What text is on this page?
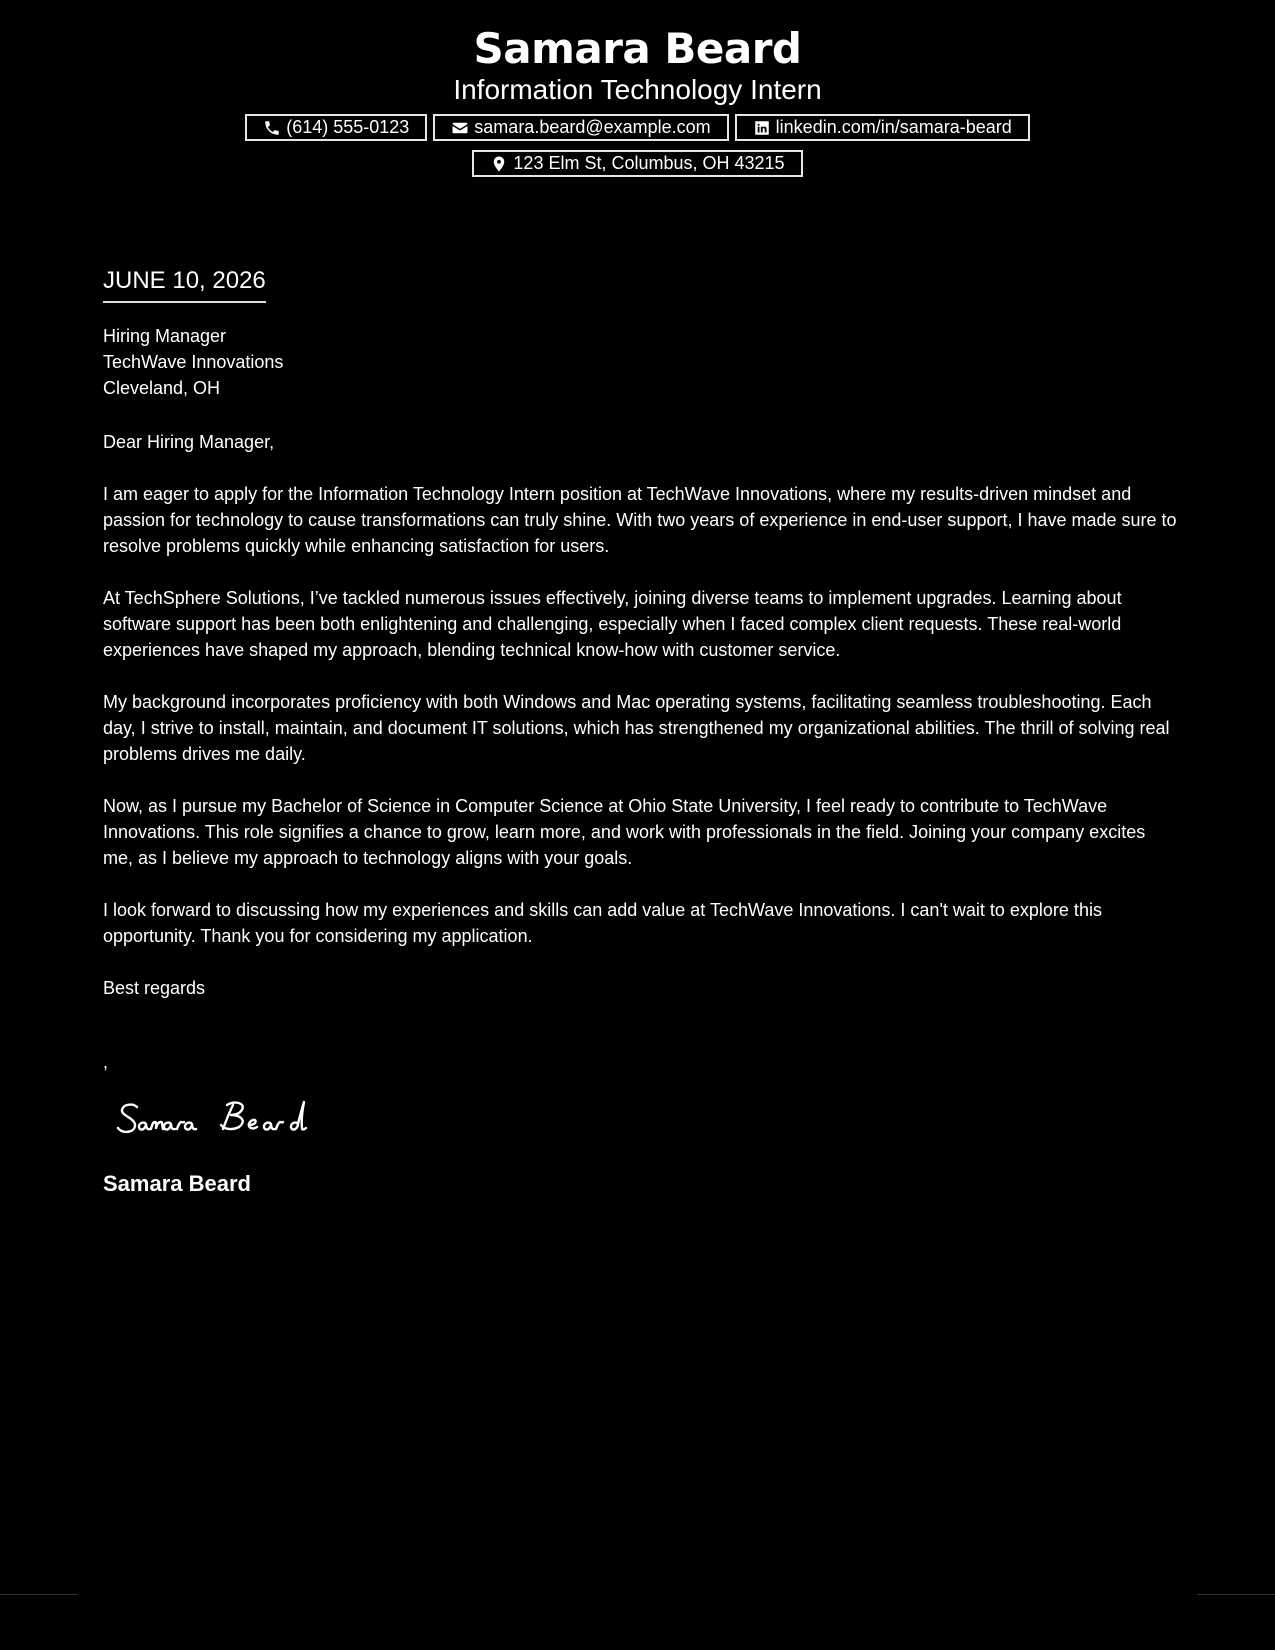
Samara Beard
Information Technology Intern
(614) 555-0123	samara.beard@example.com	linkedin.com/in/samara-beard
123 Elm St, Columbus, OH 43215
JUNE 10, 2026
Hiring Manager
TechWave Innovations
Cleveland, OH
Dear Hiring Manager,
I am eager to apply for the Information Technology Intern position at TechWave Innovations, where my results-driven mindset and passion for technology to cause transformations can truly shine. With two years of experience in end-user support, I have made sure to resolve problems quickly while enhancing satisfaction for users.
At TechSphere Solutions, I’ve tackled numerous issues effectively, joining diverse teams to implement upgrades. Learning about software support has been both enlightening and challenging, especially when I faced complex client requests. These real-world experiences have shaped my approach, blending technical know-how with customer service.
My background incorporates proficiency with both Windows and Mac operating systems, facilitating seamless troubleshooting. Each day, I strive to install, maintain, and document IT solutions, which has strengthened my organizational abilities. The thrill of solving real problems drives me daily.
Now, as I pursue my Bachelor of Science in Computer Science at Ohio State University, I feel ready to contribute to TechWave Innovations. This role signifies a chance to grow, learn more, and work with professionals in the field. Joining your company excites me, as I believe my approach to technology aligns with your goals.
I look forward to discussing how my experiences and skills can add value at TechWave Innovations. I can't wait to explore this opportunity. Thank you for considering my application.
Best regards
,
Samara Beard
